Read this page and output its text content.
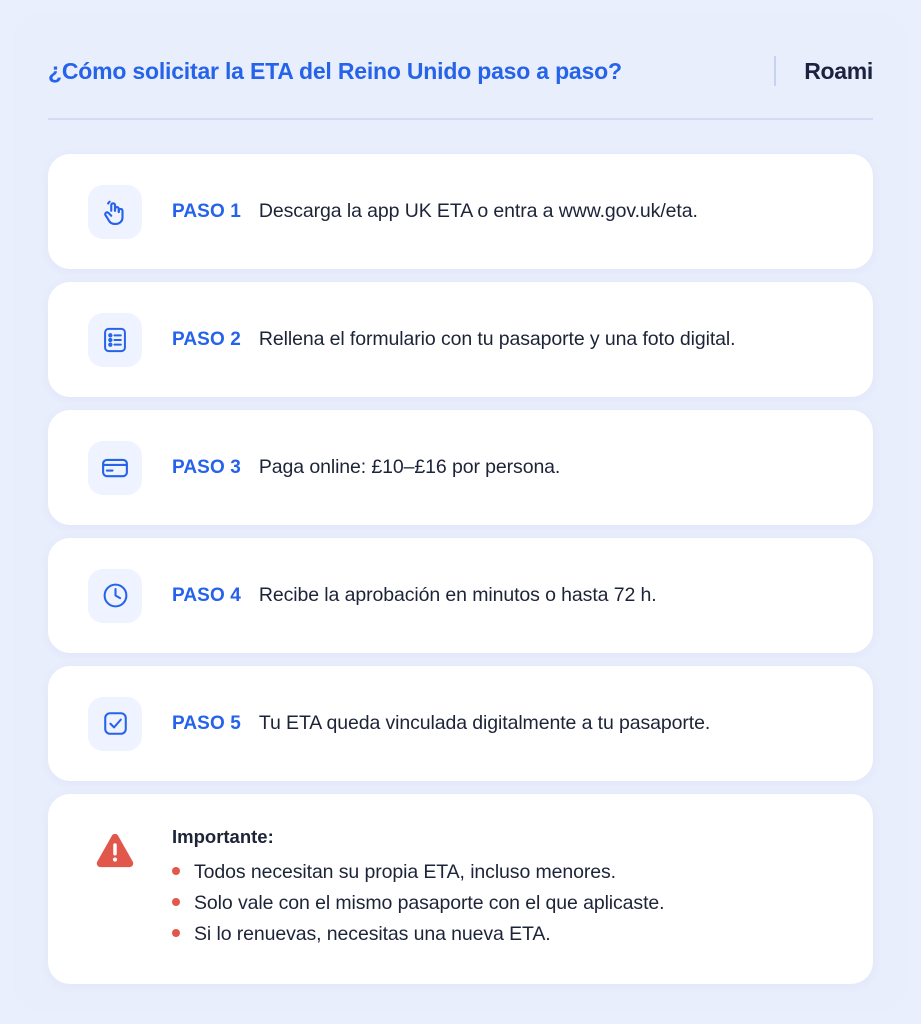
¿Cómo solicitar la ETA del Reino Unido paso a paso?	Roami
PASO 1 Descarga la app UK ETA o entra a www.gov.uk/eta.
PASO 2 Rellena el formulario con tu pasaporte y una foto digital.
PASO 3 Paga online: £10–£16 por persona.
PASO 4 Recibe la aprobación en minutos o hasta 72 h.
PASO 5 Tu ETA queda vinculada digitalmente a tu pasaporte.
Importante:
Todos necesitan su propia ETA, incluso menores.
Solo vale con el mismo pasaporte con el que aplicaste.
Si lo renuevas, necesitas una nueva ETA.
